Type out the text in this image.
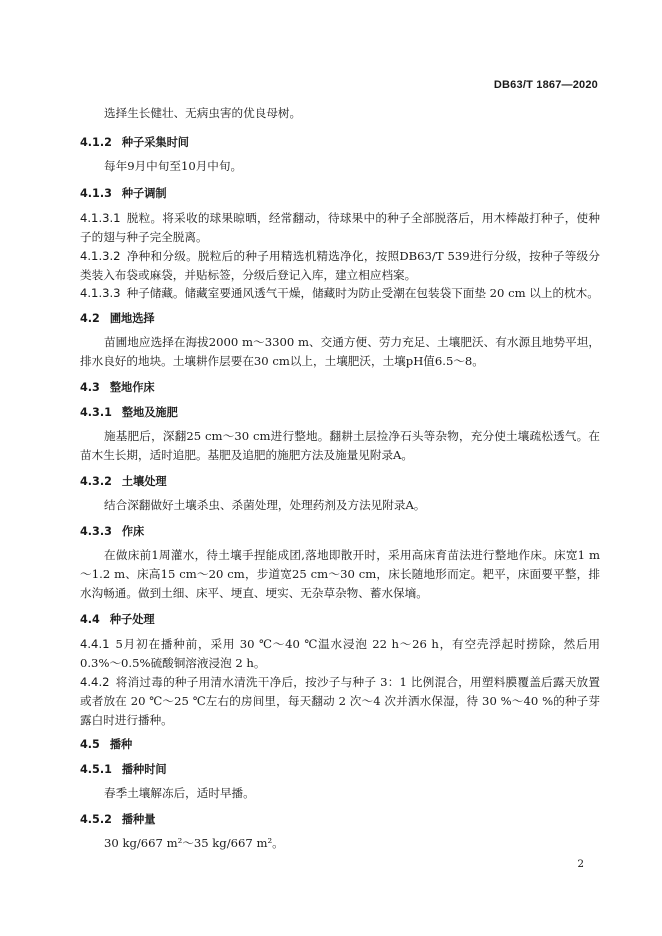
DB63/T 1867—2020
选择生长健壮、无病虫害的优良母树。
4.1.2 种子采集时间
每年9月中旬至10月中旬。
4.1.3 种子调制
4.1.3.1 脱粒。将采收的球果晾晒，经常翻动，待球果中的种子全部脱落后，用木棒敲打种子，使种子的翅与种子完全脱离。
4.1.3.2 净种和分级。脱粒后的种子用精选机精选净化，按照DB63/T 539进行分级，按种子等级分类装入布袋或麻袋，并贴标签，分级后登记入库，建立相应档案。
4.1.3.3 种子储藏。储藏室要通风透气干燥，储藏时为防止受潮在包装袋下面垫 20 cm 以上的枕木。
4.2 圃地选择
苗圃地应选择在海拔2000 m～3300 m、交通方便、劳力充足、土壤肥沃、有水源且地势平坦，排水良好的地块。土壤耕作层要在30 cm以上，土壤肥沃，土壤pH值6.5～8。
4.3 整地作床
4.3.1 整地及施肥
施基肥后，深翻25 cm～30 cm进行整地。翻耕土层捡净石头等杂物，充分使土壤疏松透气。在苗木生长期，适时追肥。基肥及追肥的施肥方法及施量见附录A。
4.3.2 土壤处理
结合深翻做好土壤杀虫、杀菌处理，处理药剂及方法见附录A。
4.3.3 作床
在做床前1周灌水，待土壤手捏能成团,落地即散开时，采用高床育苗法进行整地作床。床宽1 m～1.2 m、床高15 cm～20 cm，步道宽25 cm～30 cm，床长随地形而定。耙平，床面要平整，排水沟畅通。做到土细、床平、埂直、埂实、无杂草杂物、蓄水保墒。
4.4 种子处理
4.4.1 5月初在播种前，采用 30 ℃～40 ℃温水浸泡 22 h～26 h，有空壳浮起时捞除，然后用 0.3%～0.5%硫酸铜溶液浸泡 2 h。
4.4.2 将消过毒的种子用清水清洗干净后，按沙子与种子 3：1 比例混合，用塑料膜覆盖后露天放置或者放在 20 ℃～25 ℃左右的房间里，每天翻动 2 次～4 次并洒水保湿，待 30 %～40 %的种子芽露白时进行播种。
4.5 播种
4.5.1 播种时间
春季土壤解冻后，适时早播。
4.5.2 播种量
30 kg/667 m²～35 kg/667 m²。
2
